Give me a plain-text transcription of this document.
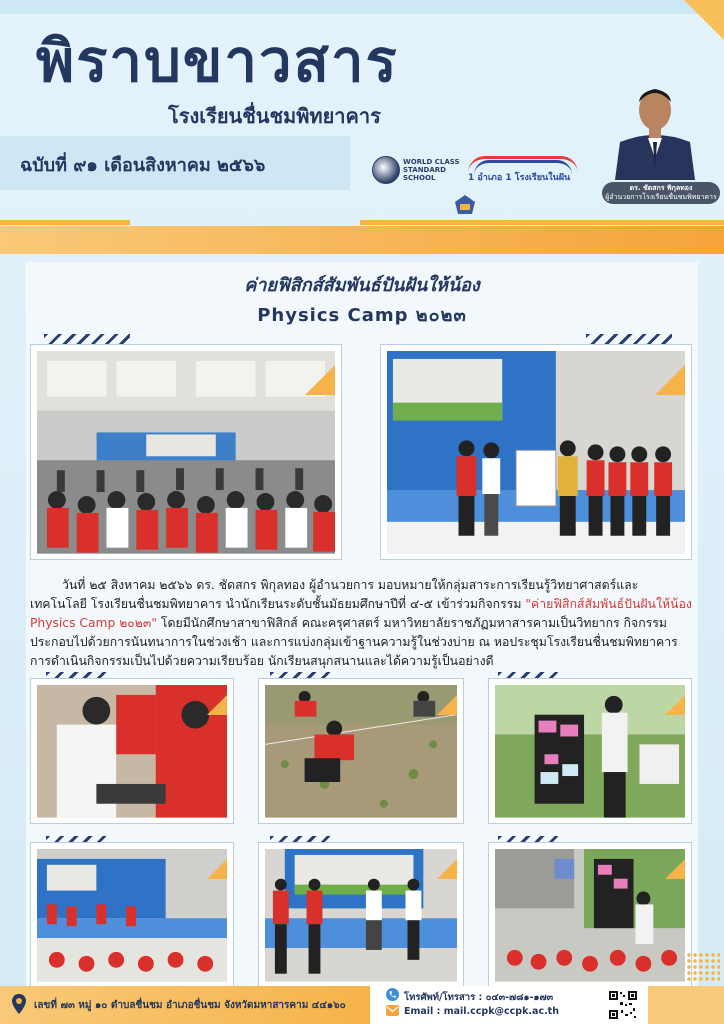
พิราบขาวสาร
โรงเรียนชื่นชมพิทยาคาร
ฉบับที่ ๙๑ เดือนสิงหาคม ๒๕๖๖	WORLD CLASS STANDARD SCHOOL	1 อำเภอ 1 โรงเรียนในฝัน
ดร. ชัดสกร พิกุลทอง
ผู้อำนวยการโรงเรียนชื่นชมพิทยาคาร
ค่ายฟิสิกส์สัมพันธ์ปันฝันให้น้อง
Physics Camp ๒๐๒๓
วันที่ ๒๕ สิงหาคม ๒๕๖๖ ดร. ชัดสกร พิกุลทอง ผู้อำนวยการ มอบหมายให้กลุ่มสาระการเรียนรู้วิทยาศาสตร์และเทคโนโลยี โรงเรียนชื่นชมพิทยาคาร นำนักเรียนระดับชั้นมัธยมศึกษาปีที่ ๔-๕ เข้าร่วมกิจกรรม "ค่ายฟิสิกส์สัมพันธ์ปันฝันให้น้อง Physics Camp ๒๐๒๓" โดยมีนักศึกษาสาขาฟิสิกส์ คณะครุศาสตร์ มหาวิทยาลัยราชภัฏมหาสารคามเป็นวิทยากร กิจกรรมประกอบไปด้วยการนันทนาการในช่วงเช้า และการแบ่งกลุ่มเข้าฐานความรู้ในช่วงบ่าย ณ หอประชุมโรงเรียนชื่นชมพิทยาคาร การดำเนินกิจกรรมเป็นไปด้วยความเรียบร้อย นักเรียนสนุกสนานและได้ความรู้เป็นอย่างดี
เลขที่ ๗๓ หมู่ ๑๐ ตำบลชื่นชม อำเภอชื่นชม จังหวัดมหาสารคาม ๔๔๑๖๐
โทรศัพท์/โทรสาร : ๐๔๓-๗๘๑-๑๗๓
Email : mail.ccpk@ccpk.ac.th
